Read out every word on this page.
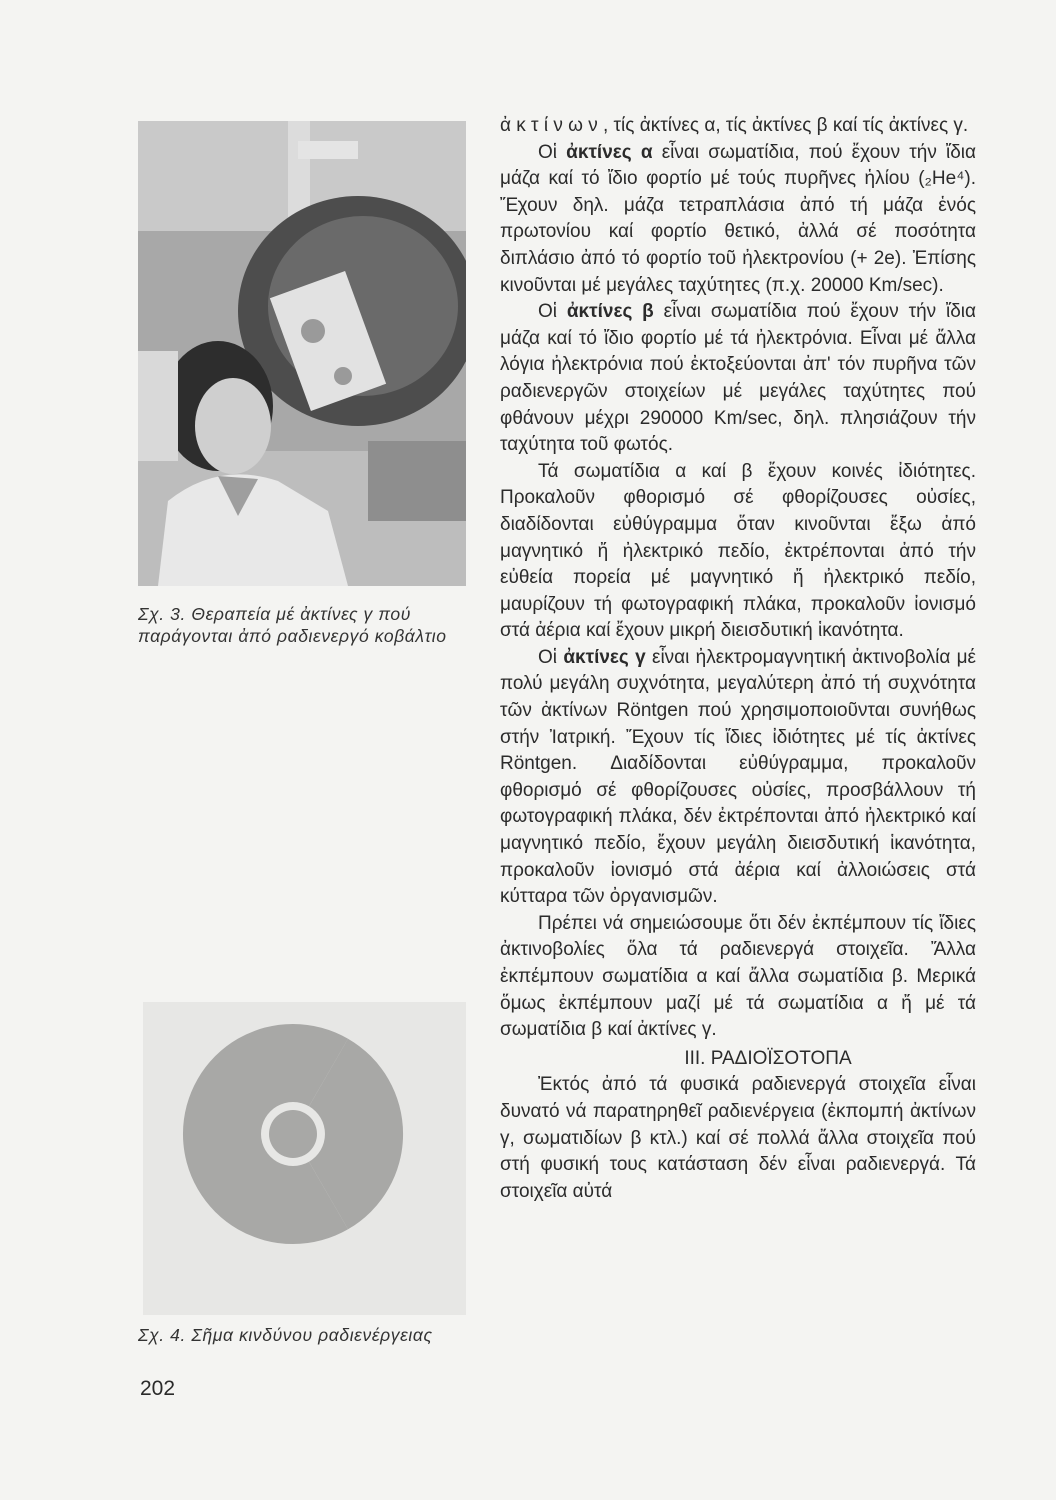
Σχ. 3. Θεραπεία μέ ἀκτίνες γ πού παράγονται ἀπό ραδιενεργό κοβάλτιο
Σχ. 4. Σῆμα κινδύνου ραδιενέργειας
202

ἀ κ τ ί ν ω ν , τίς ἀκτίνες α, τίς ἀκτίνες β καί τίς ἀκτίνες γ.

Οἱ ἀκτίνες α εἶναι σωματίδια, πού ἔχουν τήν ἴδια μάζα καί τό ἴδιο φορτίο μέ τούς πυρῆνες ἡλίου (₂He⁴). Ἔχουν δηλ. μάζα τετραπλάσια ἀπό τή μάζα ἑνός πρωτονίου καί φορτίο θετικό, ἀλλά σέ ποσότητα διπλάσιο ἀπό τό φορτίο τοῦ ἠλεκτρονίου (+ 2e). Ἐπίσης κινοῦνται μέ μεγάλες ταχύτητες (π.χ. 20000 Km/sec).

Οἱ ἀκτίνες β εἶναι σωματίδια πού ἔχουν τήν ἴδια μάζα καί τό ἴδιο φορτίο μέ τά ἠλεκτρόνια. Εἶναι μέ ἄλλα λόγια ἠλεκτρόνια πού ἐκτοξεύονται ἀπ' τόν πυρῆνα τῶν ραδιενεργῶν στοιχείων μέ μεγάλες ταχύτητες πού φθάνουν μέχρι 290000 Km/sec, δηλ. πλησιάζουν τήν ταχύτητα τοῦ φωτός.

Τά σωματίδια α καί β ἔχουν κοινές ἰδιότητες. Προκαλοῦν φθορισμό σέ φθορίζουσες οὐσίες, διαδίδονται εὐθύγραμμα ὅταν κινοῦνται ἔξω ἀπό μαγνητικό ἤ ἠλεκτρικό πεδίο, ἐκτρέπονται ἀπό τήν εὐθεία πορεία μέ μαγνητικό ἤ ἠλεκτρικό πεδίο, μαυρίζουν τή φωτογραφική πλάκα, προκαλοῦν ἰονισμό στά ἀέρια καί ἔχουν μικρή διεισδυτική ἱκανότητα.

Οἱ ἀκτίνες γ εἶναι ἠλεκτρομαγνητική ἀκτινοβολία μέ πολύ μεγάλη συχνότητα, μεγαλύτερη ἀπό τή συχνότητα τῶν ἀκτίνων Röntgen πού χρησιμοποιοῦνται συνήθως στήν Ἰατρική. Ἔχουν τίς ἴδιες ἰδιότητες μέ τίς ἀκτίνες Röntgen. Διαδίδονται εὐθύγραμμα, προκαλοῦν φθορισμό σέ φθορίζουσες οὐσίες, προσβάλλουν τή φωτογραφική πλάκα, δέν ἐκτρέπονται ἀπό ἠλεκτρικό καί μαγνητικό πεδίο, ἔχουν μεγάλη διεισδυτική ἱκανότητα, προκαλοῦν ἰονισμό στά ἀέρια καί ἀλλοιώσεις στά κύτταρα τῶν ὀργανισμῶν.

Πρέπει νά σημειώσουμε ὅτι δέν ἐκπέμπουν τίς ἴδιες ἀκτινοβολίες ὅλα τά ραδιενεργά στοιχεῖα. Ἄλλα ἐκπέμπουν σωματίδια α καί ἄλλα σωματίδια β. Μερικά ὅμως ἐκπέμπουν μαζί μέ τά σωματίδια α ἤ μέ τά σωματίδια β καί ἀκτίνες γ.

III. ΡΑΔΙΟΪΣΟΤΟΠΑ

Ἐκτός ἀπό τά φυσικά ραδιενεργά στοιχεῖα εἶναι δυνατό νά παρατηρηθεῖ ραδιενέργεια (ἐκπομπή ἀκτίνων γ, σωματιδίων β κτλ.) καί σέ πολλά ἄλλα στοιχεῖα πού στή φυσική τους κατάσταση δέν εἶναι ραδιενεργά. Τά στοιχεῖα αὐτά
